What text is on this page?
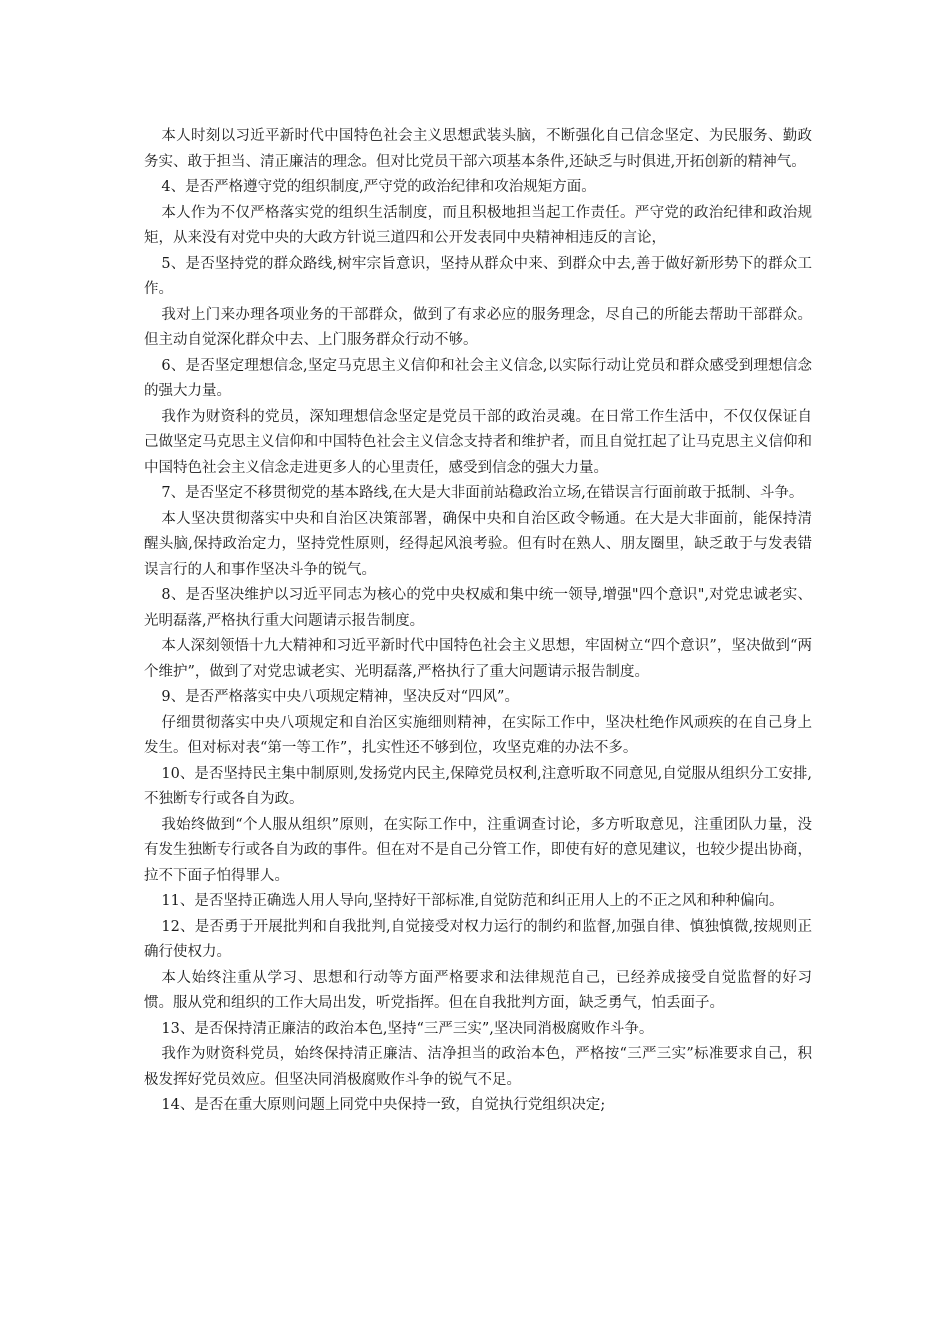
本人时刻以习近平新时代中国特色社会主义思想武装头脑，不断强化自己信念坚定、为民服务、勤政务实、敢于担当、清正廉洁的理念。但对比党员干部六项基本条件,还缺乏与时俱进,开拓创新的精神气。

4、是否严格遵守党的组织制度,严守党的政治纪律和攻治规矩方面。

本人作为不仅严格落实党的组织生活制度，而且积极地担当起工作责任。严守党的政治纪律和政治规矩，从来没有对党中央的大政方针说三道四和公开发表同中央精神相违反的言论，

5、是否坚持党的群众路线,树牢宗旨意识，坚持从群众中来、到群众中去,善于做好新形势下的群众工作。

我对上门来办理各项业务的干部群众，做到了有求必应的服务理念，尽自己的所能去帮助干部群众。但主动自觉深化群众中去、上门服务群众行动不够。

6、是否坚定理想信念,坚定马克思主义信仰和社会主义信念,以实际行动让党员和群众感受到理想信念的强大力量。

我作为财资科的党员，深知理想信念坚定是党员干部的政治灵魂。在日常工作生活中，不仅仅保证自己做坚定马克思主义信仰和中国特色社会主义信念支持者和维护者，而且自觉扛起了让马克思主义信仰和中国特色社会主义信念走进更多人的心里责任，感受到信念的强大力量。

7、是否坚定不移贯彻党的基本路线,在大是大非面前站稳政治立场,在错误言行面前敢于抵制、斗争。

本人坚决贯彻落实中央和自治区决策部署，确保中央和自治区政令畅通。在大是大非面前，能保持清醒头脑,保持政治定力，坚持党性原则，经得起风浪考验。但有时在熟人、朋友圈里，缺乏敢于与发表错误言行的人和事作坚决斗争的锐气。

8、是否坚决维护以习近平同志为核心的党中央权威和集中统一领导,增强"四个意识",对党忠诚老实、光明磊落,严格执行重大问题请示报告制度。

本人深刻领悟十九大精神和习近平新时代中国特色社会主义思想，牢固树立“四个意识”，坚决做到“两个维护”，做到了对党忠诚老实、光明磊落,严格执行了重大问题请示报告制度。

9、是否严格落实中央八项规定精神，坚决反对“四风”。

仔细贯彻落实中央八项规定和自治区实施细则精神，在实际工作中，坚决杜绝作风顽疾的在自己身上发生。但对标对表“第一等工作”，扎实性还不够到位，攻坚克难的办法不多。

10、是否坚持民主集中制原则,发扬党内民主,保障党员权利,注意听取不同意见,自觉服从组织分工安排,不独断专行或各自为政。

我始终做到“个人服从组织”原则，在实际工作中，注重调查讨论，多方听取意见，注重团队力量，没有发生独断专行或各自为政的事件。但在对不是自己分管工作，即使有好的意见建议，也较少提出协商，拉不下面子怕得罪人。

11、是否坚持正确选人用人导向,坚持好干部标准,自觉防范和纠正用人上的不正之风和种种偏向。

12、是否勇于开展批判和自我批判,自觉接受对权力运行的制约和监督,加强自律、慎独慎微,按规则正确行使权力。

本人始终注重从学习、思想和行动等方面严格要求和法律规范自己，已经养成接受自觉监督的好习惯。服从党和组织的工作大局出发，听党指挥。但在自我批判方面，缺乏勇气，怕丢面子。

13、是否保持清正廉洁的政治本色,坚持“三严三实”,坚决同消极腐败作斗争。

我作为财资科党员，始终保持清正廉洁、洁净担当的政治本色，严格按“三严三实”标准要求自己，积极发挥好党员效应。但坚决同消极腐败作斗争的锐气不足。

14、是否在重大原则问题上同党中央保持一致，自觉执行党组织决定;
